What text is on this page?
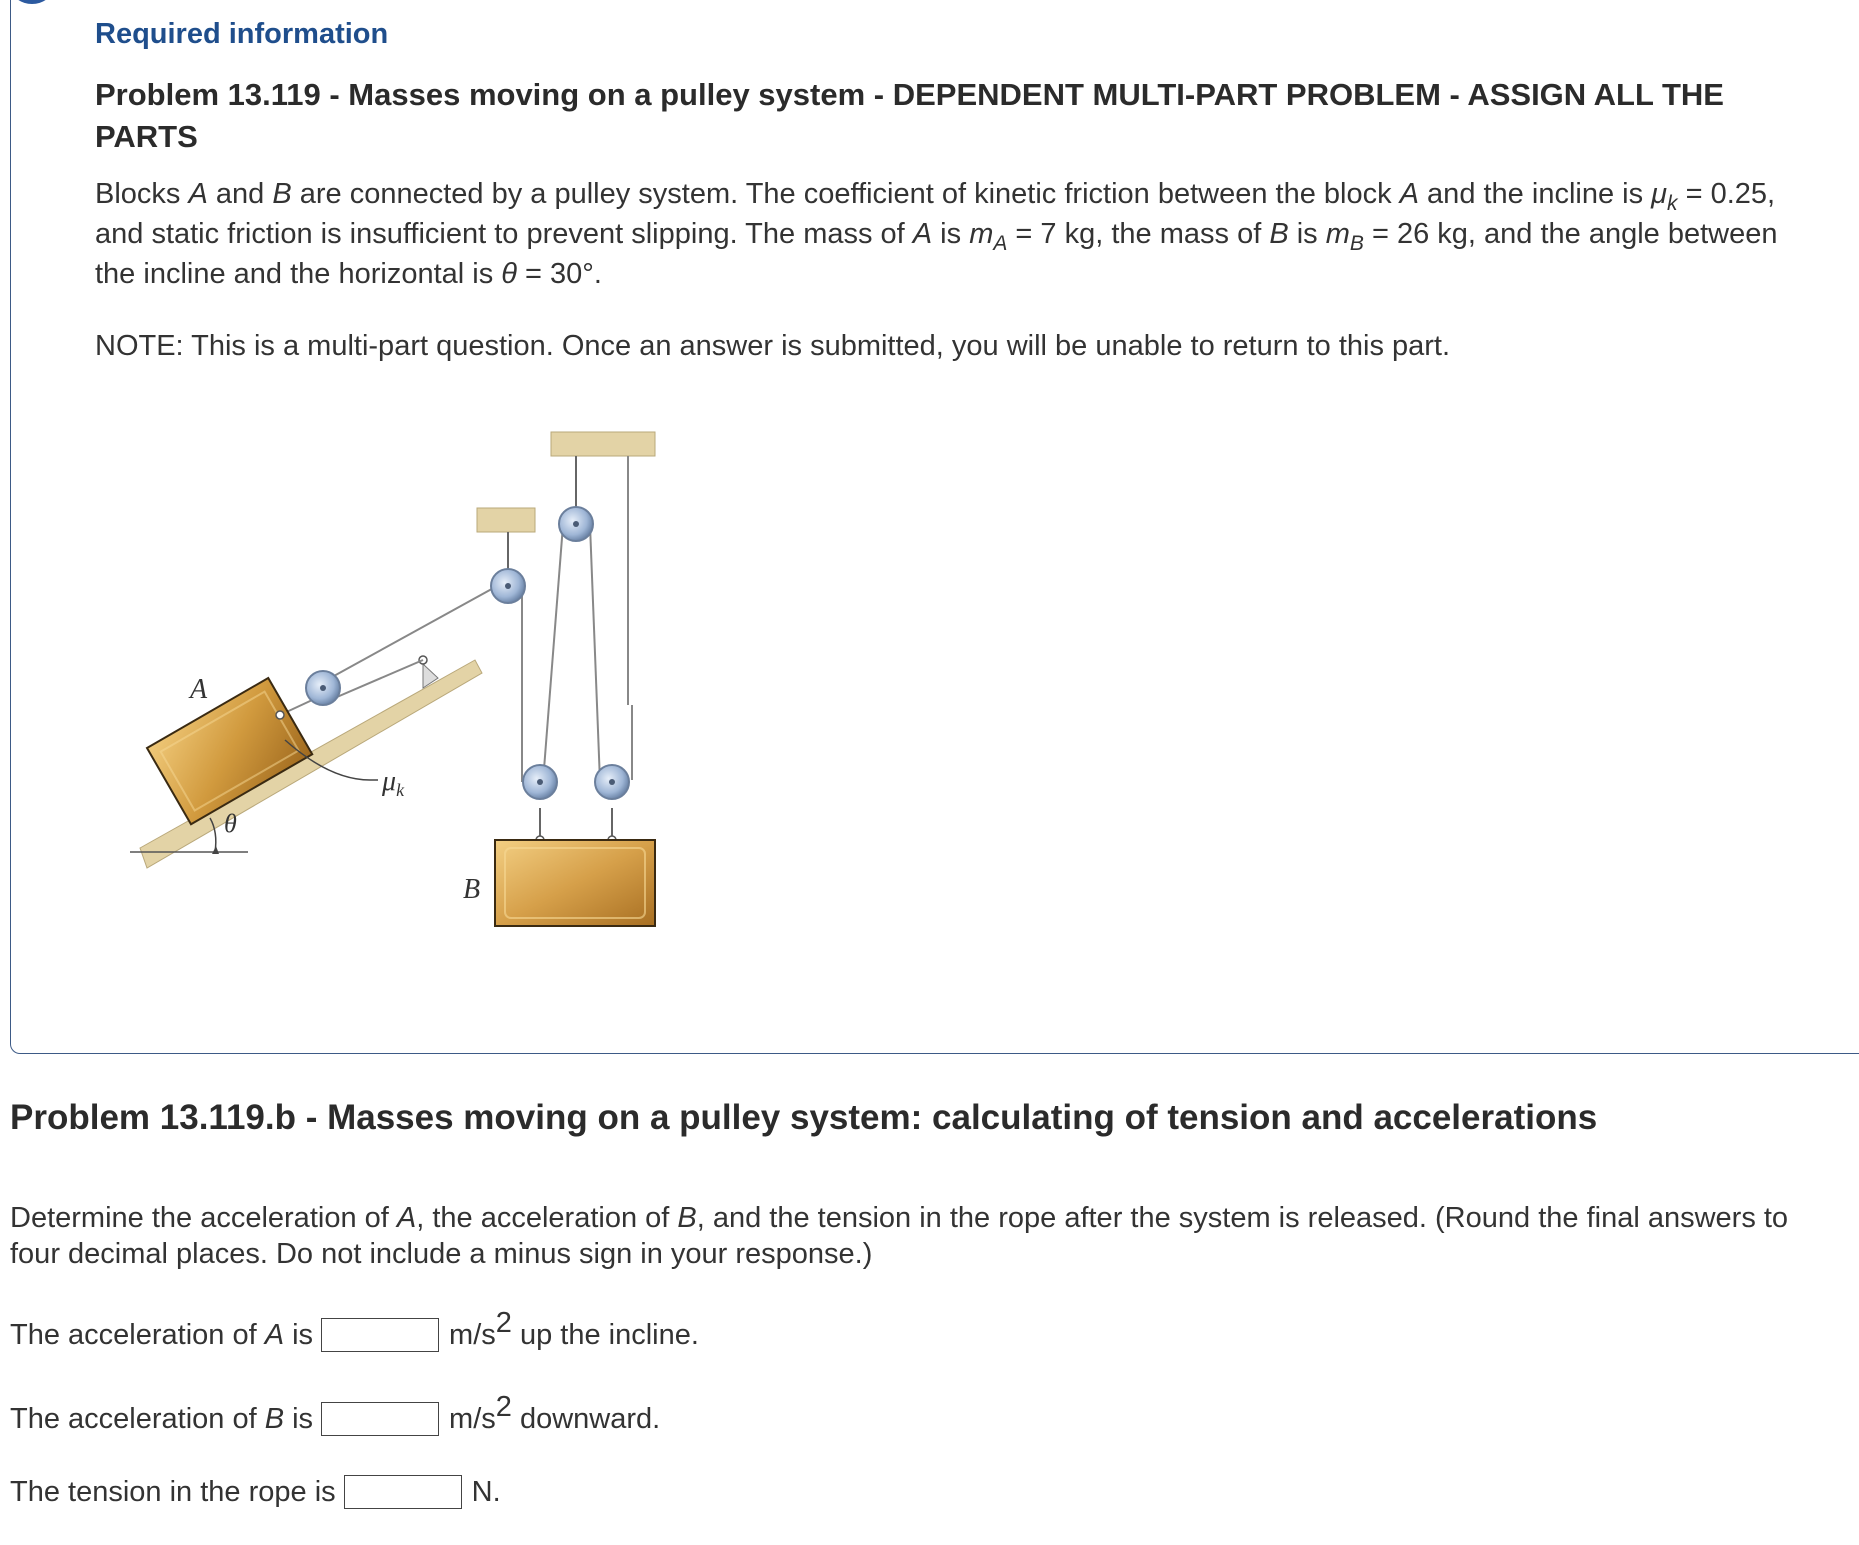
Required information
Problem 13.119 - Masses moving on a pulley system - DEPENDENT MULTI-PART PROBLEM - ASSIGN ALL THE PARTS

Blocks A and B are connected by a pulley system. The coefficient of kinetic friction between the block A and the incline is $\mu_k = 0.25$, and static friction is insufficient to prevent slipping. The mass of A is $m_A = 7$ kg, the mass of B is $m_B = 26$ kg, and the angle between the incline and the horizontal is θ = 30°.

NOTE: This is a multi-part question. Once an answer is submitted, you will be unable to return to this part.

A
B
$\mu_k$
θ
Problem 13.119.b - Masses moving on a pulley system: calculating of tension and accelerations

Determine the acceleration of A, the acceleration of B, and the tension in the rope after the system is released. (Round the final answers to four decimal places. Do not include a minus sign in your response.)

The acceleration of A is	$m/s^2$ up the incline.
The acceleration of B is	$m/s^2$ downward.
The tension in the rope is	N.
